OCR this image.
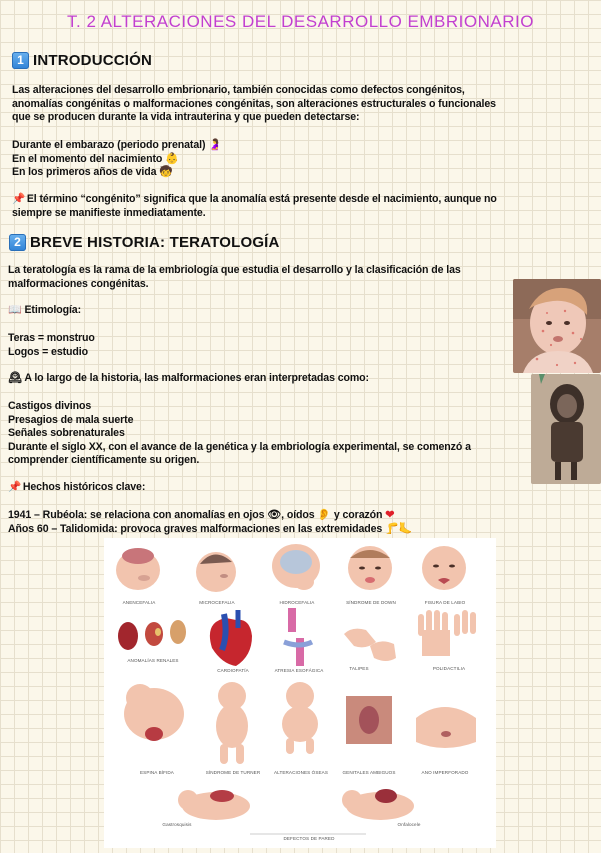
T. 2 ALTERACIONES DEL DESARROLLO EMBRIONARIO
1 INTRODUCCIÓN
Las alteraciones del desarrollo embrionario, también conocidas como defectos congénitos,
anomalías congénitas o malformaciones congénitas, son alteraciones estructurales o funcionales
que se producen durante la vida intrauterina y que pueden detectarse:
Durante el embarazo (periodo prenatal) 🤰
En el momento del nacimiento 👶
En los primeros años de vida 🧒
📌 El término “congénito” significa que la anomalía está presente desde el nacimiento, aunque no
siempre se manifieste inmediatamente.
2 BREVE HISTORIA: TERATOLOGÍA
La teratología es la rama de la embriología que estudia el desarrollo y la clasificación de las
malformaciones congénitas.
📖 Etimología:
Teras = monstruo
Logos = estudio
🕰 A lo largo de la historia, las malformaciones eran interpretadas como:
Castigos divinos
Presagios de mala suerte
Señales sobrenaturales
Durante el siglo XX, con el avance de la genética y la embriología experimental, se comenzó a
comprender científicamente su origen.
📌 Hechos históricos clave:
1941 – Rubéola: se relaciona con anomalías en ojos 👁, oídos 👂 y corazón ❤
Años 60 – Talidomida: provoca graves malformaciones en las extremidades 🦵🦶
ANENCEFALIA	MICROCEFALIA	HIDROCEFALIA	SÍNDROME DE DOWN	FISURA DE LABIO
ANOMALÍAS RENALES
CARDIOPATÍA	ATRESIA ESOFÁGICA	TALIPES	POLIDACTILIA
ESPINA BÍFIDA	SÍNDROME DE TURNER	ALTERACIONES ÓSEAS	GENITALES AMBIGUOS	ANO IMPERFORADO
Gastrosquisis	Onfalocele
DEFECTOS DE PARED
